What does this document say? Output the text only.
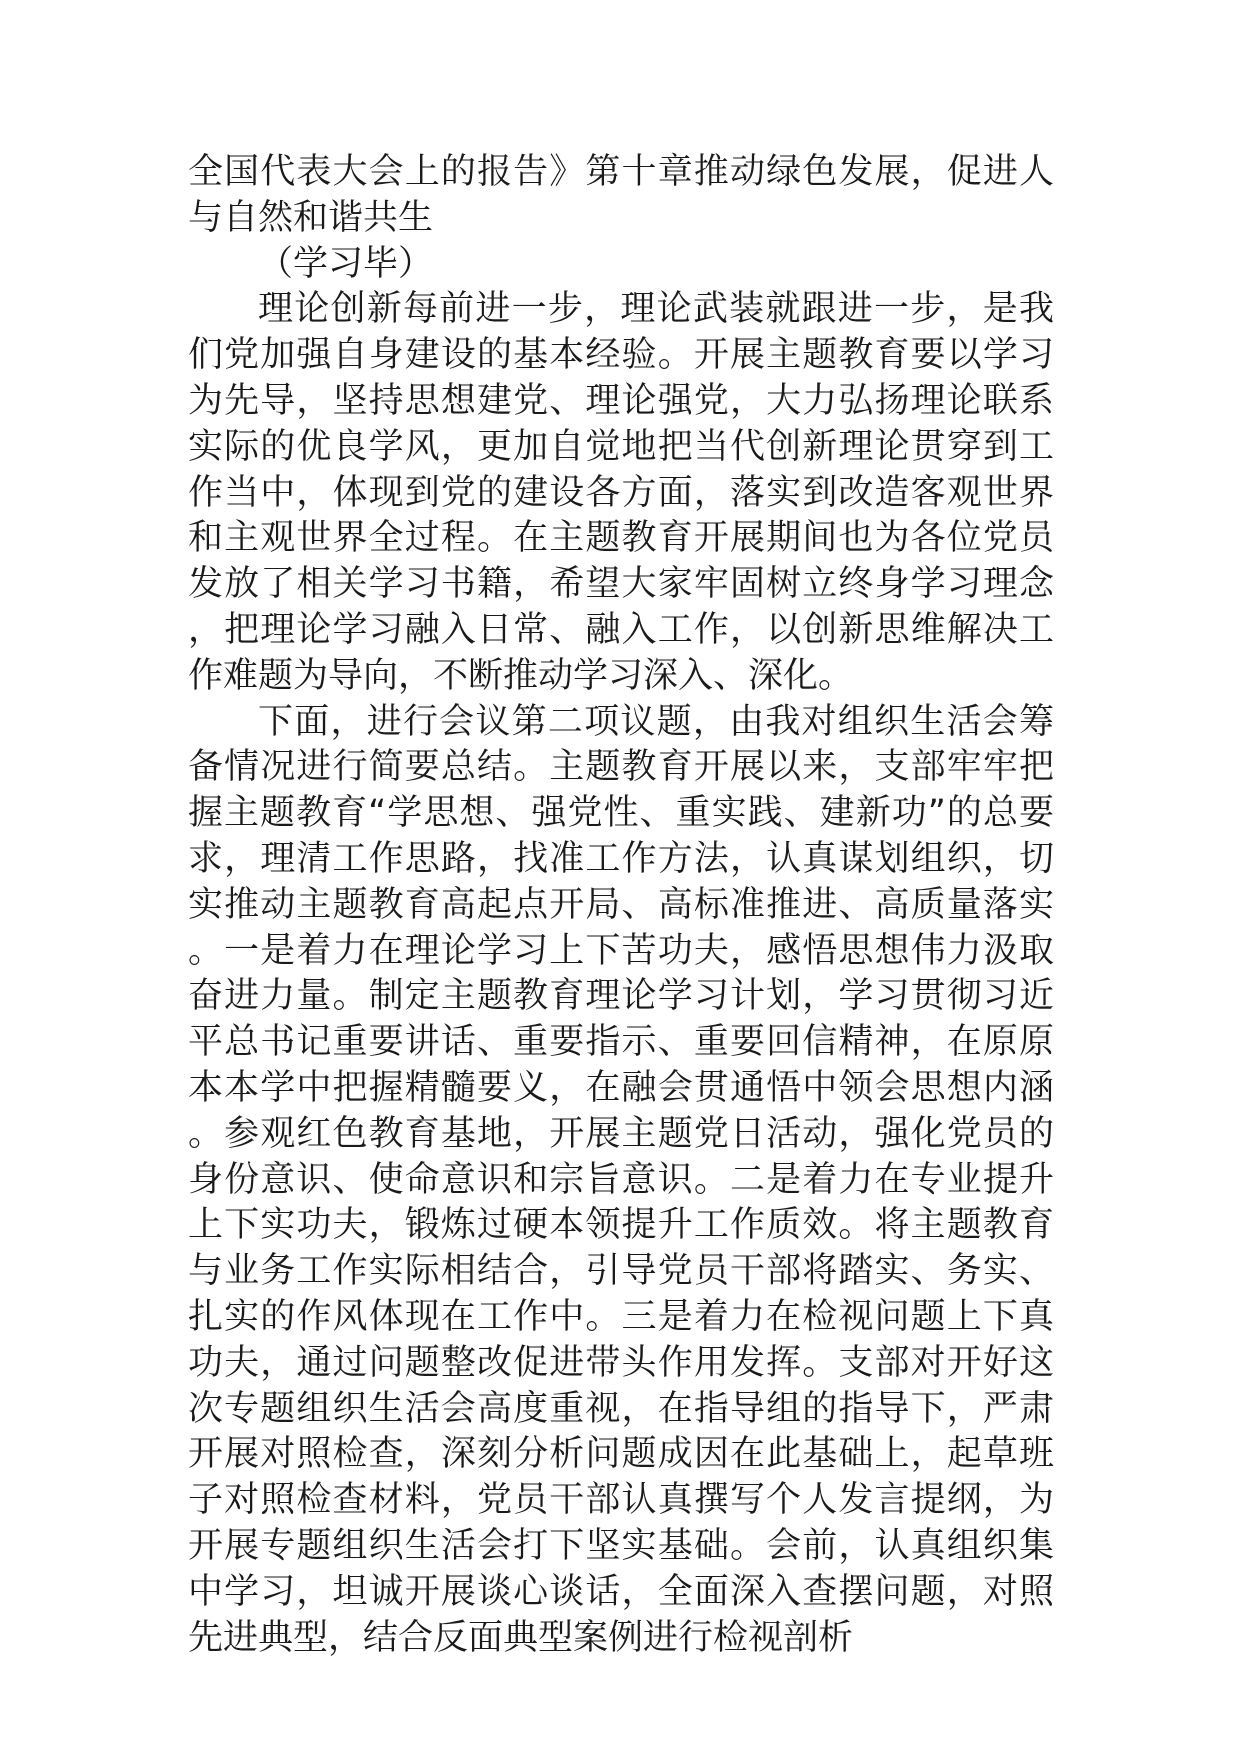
全国代表大会上的报告》第十章推动绿色发展，促进人与自然和谐共生

（学习毕）

理论创新每前进一步，理论武装就跟进一步，是我们党加强自身建设的基本经验。开展主题教育要以学习为先导，坚持思想建党、理论强党，大力弘扬理论联系实际的优良学风，更加自觉地把当代创新理论贯穿到工作当中，体现到党的建设各方面，落实到改造客观世界和主观世界全过程。在主题教育开展期间也为各位党员发放了相关学习书籍，希望大家牢固树立终身学习理念，把理论学习融入日常、融入工作，以创新思维解决工作难题为导向，不断推动学习深入、深化。

下面，进行会议第二项议题，由我对组织生活会筹备情况进行简要总结。主题教育开展以来，支部牢牢把握主题教育“学思想、强党性、重实践、建新功”的总要求，理清工作思路，找准工作方法，认真谋划组织，切实推动主题教育高起点开局、高标准推进、高质量落实。一是着力在理论学习上下苦功夫，感悟思想伟力汲取奋进力量。制定主题教育理论学习计划，学习贯彻习近平总书记重要讲话、重要指示、重要回信精神，在原原本本学中把握精髓要义，在融会贯通悟中领会思想内涵。参观红色教育基地，开展主题党日活动，强化党员的身份意识、使命意识和宗旨意识。二是着力在专业提升上下实功夫，锻炼过硬本领提升工作质效。将主题教育与业务工作实际相结合，引导党员干部将踏实、务实、扎实的作风体现在工作中。三是着力在检视问题上下真功夫，通过问题整改促进带头作用发挥。支部对开好这次专题组织生活会高度重视，在指导组的指导下，严肃开展对照检查，深刻分析问题成因在此基础上，起草班子对照检查材料，党员干部认真撰写个人发言提纲，为开展专题组织生活会打下坚实基础。会前，认真组织集中学习，坦诚开展谈心谈话，全面深入查摆问题，对照先进典型，结合反面典型案例进行检视剖析
